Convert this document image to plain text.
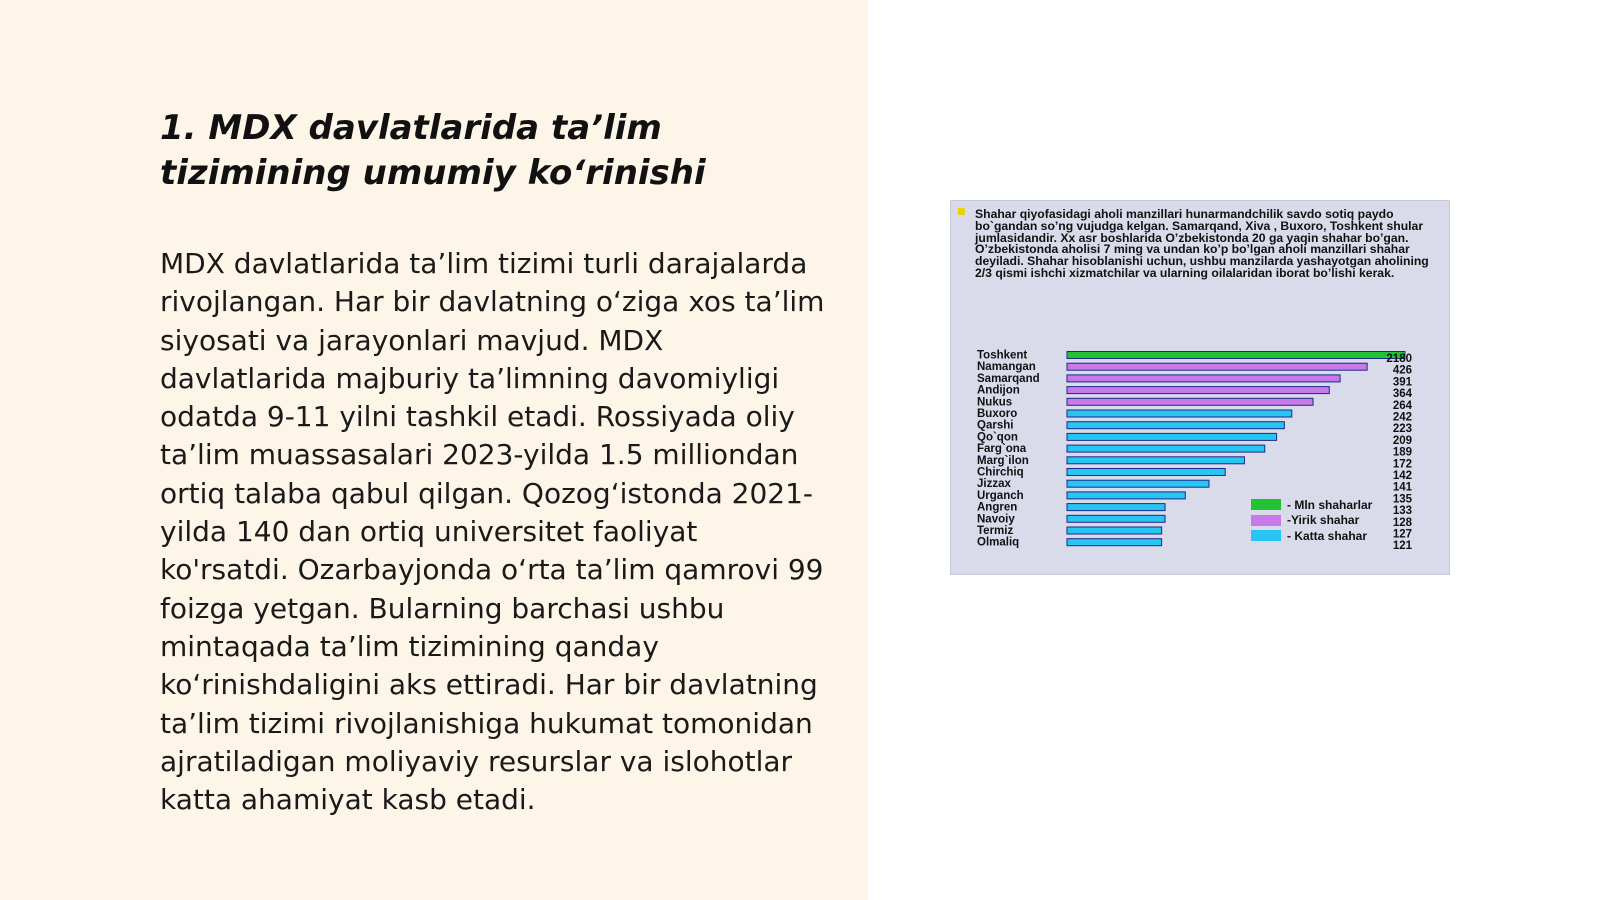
1. MDX davlatlarida ta’lim tizimining umumiy ko‘rinishi

MDX davlatlarida ta’lim tizimi turli darajalarda rivojlangan. Har bir davlatning o‘ziga xos ta’lim siyosati va jarayonlari mavjud. MDX davlatlarida majburiy ta’limning davomiyligi odatda 9-11 yilni tashkil etadi. Rossiyada oliy ta’lim muassasalari 2023-yilda 1.5 milliondan ortiq talaba qabul qilgan. Qozog‘istonda 2021-yilda 140 dan ortiq universitet faoliyat ko'rsatdi. Ozarbayjonda o‘rta ta’lim qamrovi 99 foizga yetgan. Bularning barchasi ushbu mintaqada ta’lim tizimining qanday ko‘rinishdaligini aks ettiradi. Har bir davlatning ta’lim tizimi rivojlanishiga hukumat tomonidan ajratiladigan moliyaviy resurslar va islohotlar katta ahamiyat kasb etadi.

■ Shahar qiyofasidagi aholi manzillari hunarmandchilik savdo sotiq paydo bo`gandan so’ng vujudga kelgan. Samarqand, Xiva , Buxoro, Toshkent shular jumlasidandir. Xx asr boshlarida O’zbekistonda 20 ga yaqin shahar bo’gan. O’zbekistonda aholisi 7 ming va undan ko’p bo’lgan aholi manzillari shahar deyiladi. Shahar hisoblanishi uchun, ushbu manzilarda yashayotgan aholining 2/3 qismi ishchi xizmatchilar va ularning oilalaridan iborat bo’lishi kerak.

Toshkent	2180
Namangan	426
Samarqand	391
Andijon	364
Nukus	264
Buxoro	242
Qarshi	223
Qo`qon	209
Farg`ona	189
Marg`ilon	172
Chirchiq	142
Jizzax	141
Urganch	135
Angren	133
Navoiy	128
Termiz	127
Olmaliq	121
- Mln shaharlar
-Yirik shahar
- Katta shahar
